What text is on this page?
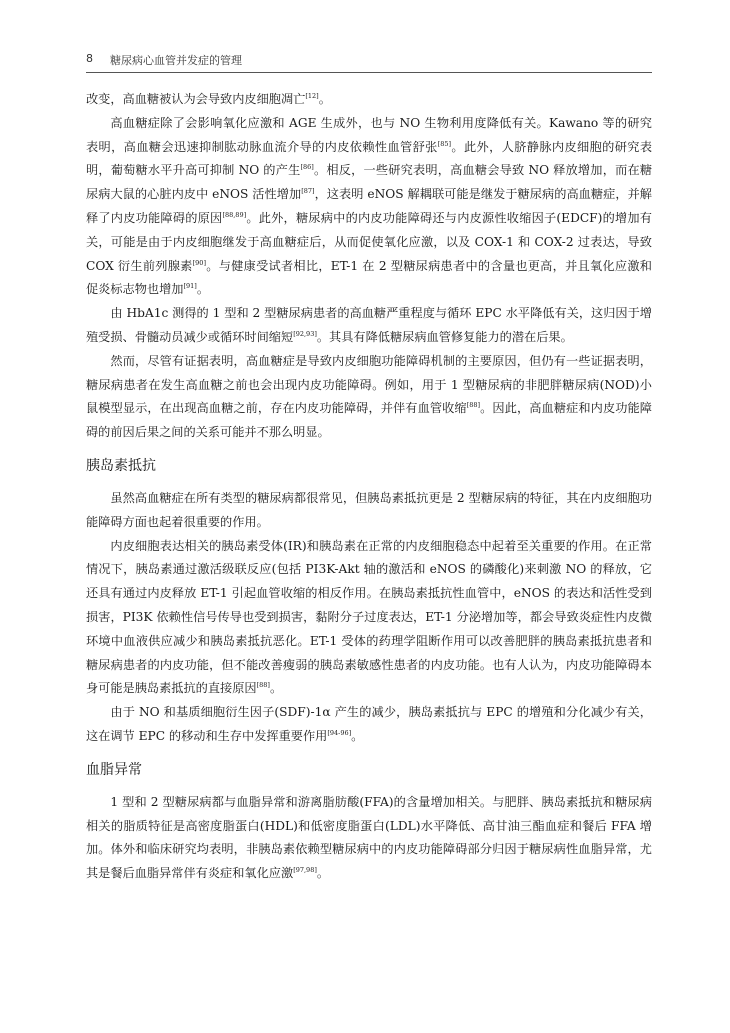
8 糖尿病心血管并发症的管理

改变，高血糖被认为会导致内皮细胞凋亡[12]。

高血糖症除了会影响氧化应激和 AGE 生成外，也与 NO 生物利用度降低有关。Kawano 等的研究表明，高血糖会迅速抑制肱动脉血流介导的内皮依赖性血管舒张[85]。此外，人脐静脉内皮细胞的研究表明，葡萄糖水平升高可抑制 NO 的产生[86]。相反，一些研究表明，高血糖会导致 NO 释放增加，而在糖尿病大鼠的心脏内皮中 eNOS 活性增加[87]，这表明 eNOS 解耦联可能是继发于糖尿病的高血糖症，并解释了内皮功能障碍的原因[88,89]。此外，糖尿病中的内皮功能障碍还与内皮源性收缩因子(EDCF)的增加有关，可能是由于内皮细胞继发于高血糖症后，从而促使氧化应激，以及 COX-1 和 COX-2 过表达，导致 COX 衍生前列腺素[90]。与健康受试者相比，ET-1 在 2 型糖尿病患者中的含量也更高，并且氧化应激和促炎标志物也增加[91]。

由 HbA1c 测得的 1 型和 2 型糖尿病患者的高血糖严重程度与循环 EPC 水平降低有关，这归因于增殖受损、骨髓动员减少或循环时间缩短[92,93]。其具有降低糖尿病血管修复能力的潜在后果。

然而，尽管有证据表明，高血糖症是导致内皮细胞功能障碍机制的主要原因，但仍有一些证据表明，糖尿病患者在发生高血糖之前也会出现内皮功能障碍。例如，用于 1 型糖尿病的非肥胖糖尿病(NOD)小鼠模型显示，在出现高血糖之前，存在内皮功能障碍，并伴有血管收缩[88]。因此，高血糖症和内皮功能障碍的前因后果之间的关系可能并不那么明显。

胰岛素抵抗

虽然高血糖症在所有类型的糖尿病都很常见，但胰岛素抵抗更是 2 型糖尿病的特征，其在内皮细胞功能障碍方面也起着很重要的作用。

内皮细胞表达相关的胰岛素受体(IR)和胰岛素在正常的内皮细胞稳态中起着至关重要的作用。在正常情况下，胰岛素通过激活级联反应(包括 PI3K-Akt 轴的激活和 eNOS 的磷酸化)来刺激 NO 的释放，它还具有通过内皮释放 ET-1 引起血管收缩的相反作用。在胰岛素抵抗性血管中，eNOS 的表达和活性受到损害，PI3K 依赖性信号传导也受到损害，黏附分子过度表达，ET-1 分泌增加等，都会导致炎症性内皮微环境中血液供应减少和胰岛素抵抗恶化。ET-1 受体的药理学阻断作用可以改善肥胖的胰岛素抵抗患者和糖尿病患者的内皮功能，但不能改善瘦弱的胰岛素敏感性患者的内皮功能。也有人认为，内皮功能障碍本身可能是胰岛素抵抗的直接原因[88]。

由于 NO 和基质细胞衍生因子(SDF)-1α 产生的减少，胰岛素抵抗与 EPC 的增殖和分化减少有关，这在调节 EPC 的移动和生存中发挥重要作用[94-96]。

血脂异常

1 型和 2 型糖尿病都与血脂异常和游离脂肪酸(FFA)的含量增加相关。与肥胖、胰岛素抵抗和糖尿病相关的脂质特征是高密度脂蛋白(HDL)和低密度脂蛋白(LDL)水平降低、高甘油三酯血症和餐后 FFA 增加。体外和临床研究均表明，非胰岛素依赖型糖尿病中的内皮功能障碍部分归因于糖尿病性血脂异常，尤其是餐后血脂异常伴有炎症和氧化应激[97,98]。
